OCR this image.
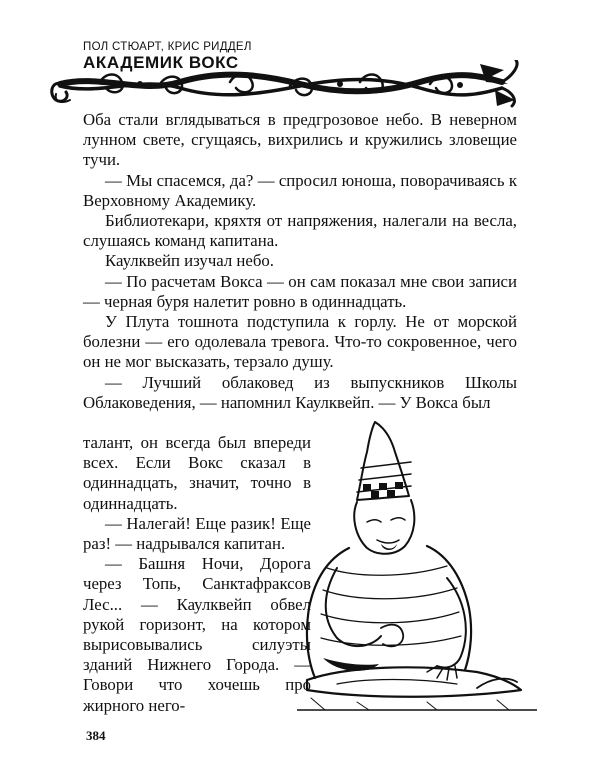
ПОЛ СТЮАРТ, КРИС РИДДЕЛ
АКАДЕМИК ВОКС

Оба стали вглядываться в предгрозовое небо. В неверном лунном свете, сгущаясь, вихрились и кружились зловещие тучи.

— Мы спасемся, да? — спросил юноша, поворачиваясь к Верховному Академику.

Библиотекари, кряхтя от напряжения, налегали на весла, слушаясь команд капитана.

Каулквейп изучал небо.

— По расчетам Вокса — он сам показал мне свои записи — черная буря налетит ровно в одиннадцать.

У Плута тошнота подступила к горлу. Не от морской болезни — его одолевала тревога. Что-то сокровенное, чего он не мог высказать, терзало душу.

— Лучший облаковед из выпускников Школы Облаковедения, — напомнил Каулквейп. — У Вокса был

талант, он всегда был впереди всех. Если Вокс сказал в одиннадцать, значит, точно в одиннадцать.

— Налегай! Еще разик! Еще раз! — надрывался капитан.

— Башня Ночи, Дорога через Топь, Санктафраксов Лес... — Каулквейп обвел рукой горизонт, на котором вырисовывались силуэты зданий Нижнего Города. — Говори что хочешь про жирного него-

384
